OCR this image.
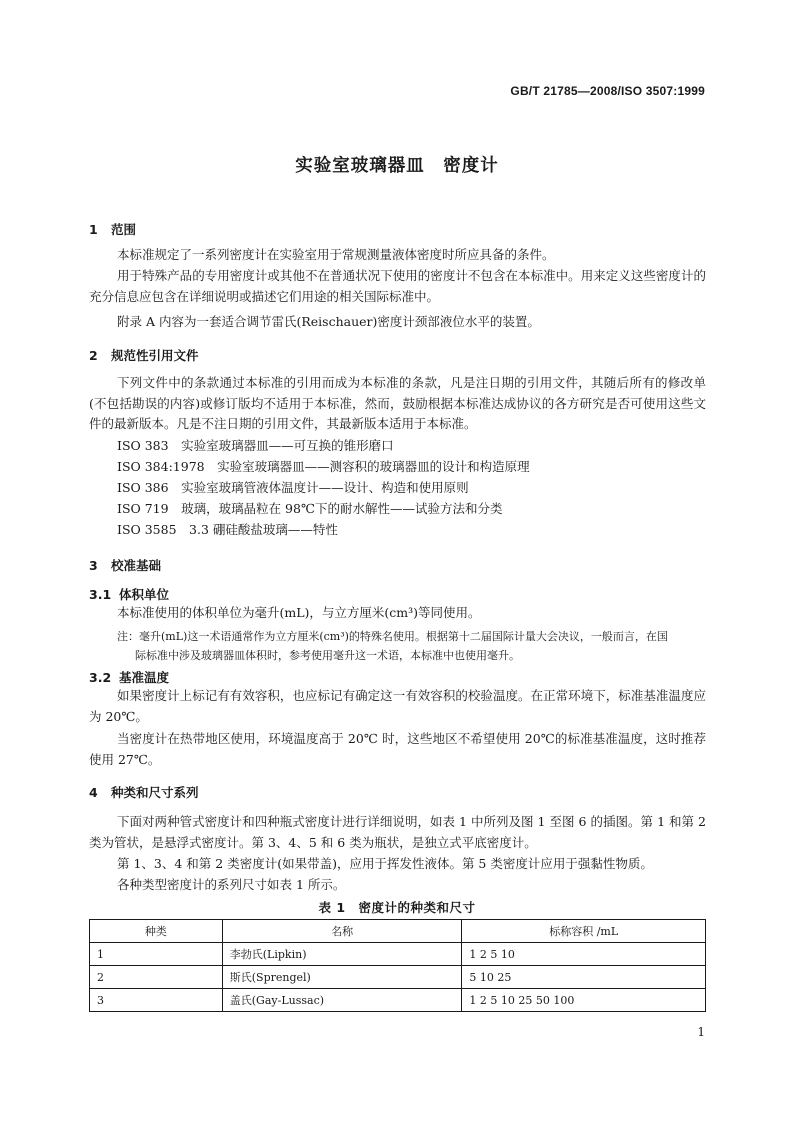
GB/T 21785—2008/ISO 3507:1999
实验室玻璃器皿　密度计
1 范围
本标准规定了一系列密度计在实验室用于常规测量液体密度时所应具备的条件。
用于特殊产品的专用密度计或其他不在普通状况下使用的密度计不包含在本标准中。用来定义这些密度计的充分信息应包含在详细说明或描述它们用途的相关国际标准中。
附录 A 内容为一套适合调节雷氏(Reischauer)密度计颈部液位水平的装置。
2 规范性引用文件
下列文件中的条款通过本标准的引用而成为本标准的条款，凡是注日期的引用文件，其随后所有的修改单(不包括勘误的内容)或修订版均不适用于本标准，然而，鼓励根据本标准达成协议的各方研究是否可使用这些文件的最新版本。凡是不注日期的引用文件，其最新版本适用于本标准。
ISO 383　实验室玻璃器皿——可互换的锥形磨口
ISO 384:1978　实验室玻璃器皿——测容积的玻璃器皿的设计和构造原理
ISO 386　实验室玻璃管液体温度计——设计、构造和使用原则
ISO 719　玻璃，玻璃晶粒在 98℃下的耐水解性——试验方法和分类
ISO 3585　3.3 硼硅酸盐玻璃——特性
3 校准基础
3.1 体积单位
本标准使用的体积单位为毫升(mL)，与立方厘米(cm³)等同使用。
注：毫升(mL)这一术语通常作为立方厘米(cm³)的特殊名使用。根据第十二届国际计量大会决议，一般而言，在国
际标准中涉及玻璃器皿体积时，参考使用毫升这一术语，本标准中也使用毫升。
3.2 基准温度
如果密度计上标记有有效容积，也应标记有确定这一有效容积的校验温度。在正常环境下，标准基准温度应为 20℃。
当密度计在热带地区使用，环境温度高于 20℃ 时，这些地区不希望使用 20℃的标准基准温度，这时推荐使用 27℃。
4 种类和尺寸系列
下面对两种管式密度计和四种瓶式密度计进行详细说明，如表 1 中所列及图 1 至图 6 的插图。第 1 和第 2 类为管状，是悬浮式密度计。第 3、4、5 和 6 类为瓶状，是独立式平底密度计。
第 1、3、4 和第 2 类密度计(如果带盖)，应用于挥发性液体。第 5 类密度计应用于强黏性物质。
各种类型密度计的系列尺寸如表 1 所示。
表 1　密度计的种类和尺寸
种类	名称	标称容积 /mL
1	李勃氏(Lipkin)	1 2 5 10
2	斯氏(Sprengel)	5 10 25
3	盖氏(Gay-Lussac)	1 2 5 10 25 50 100
1
